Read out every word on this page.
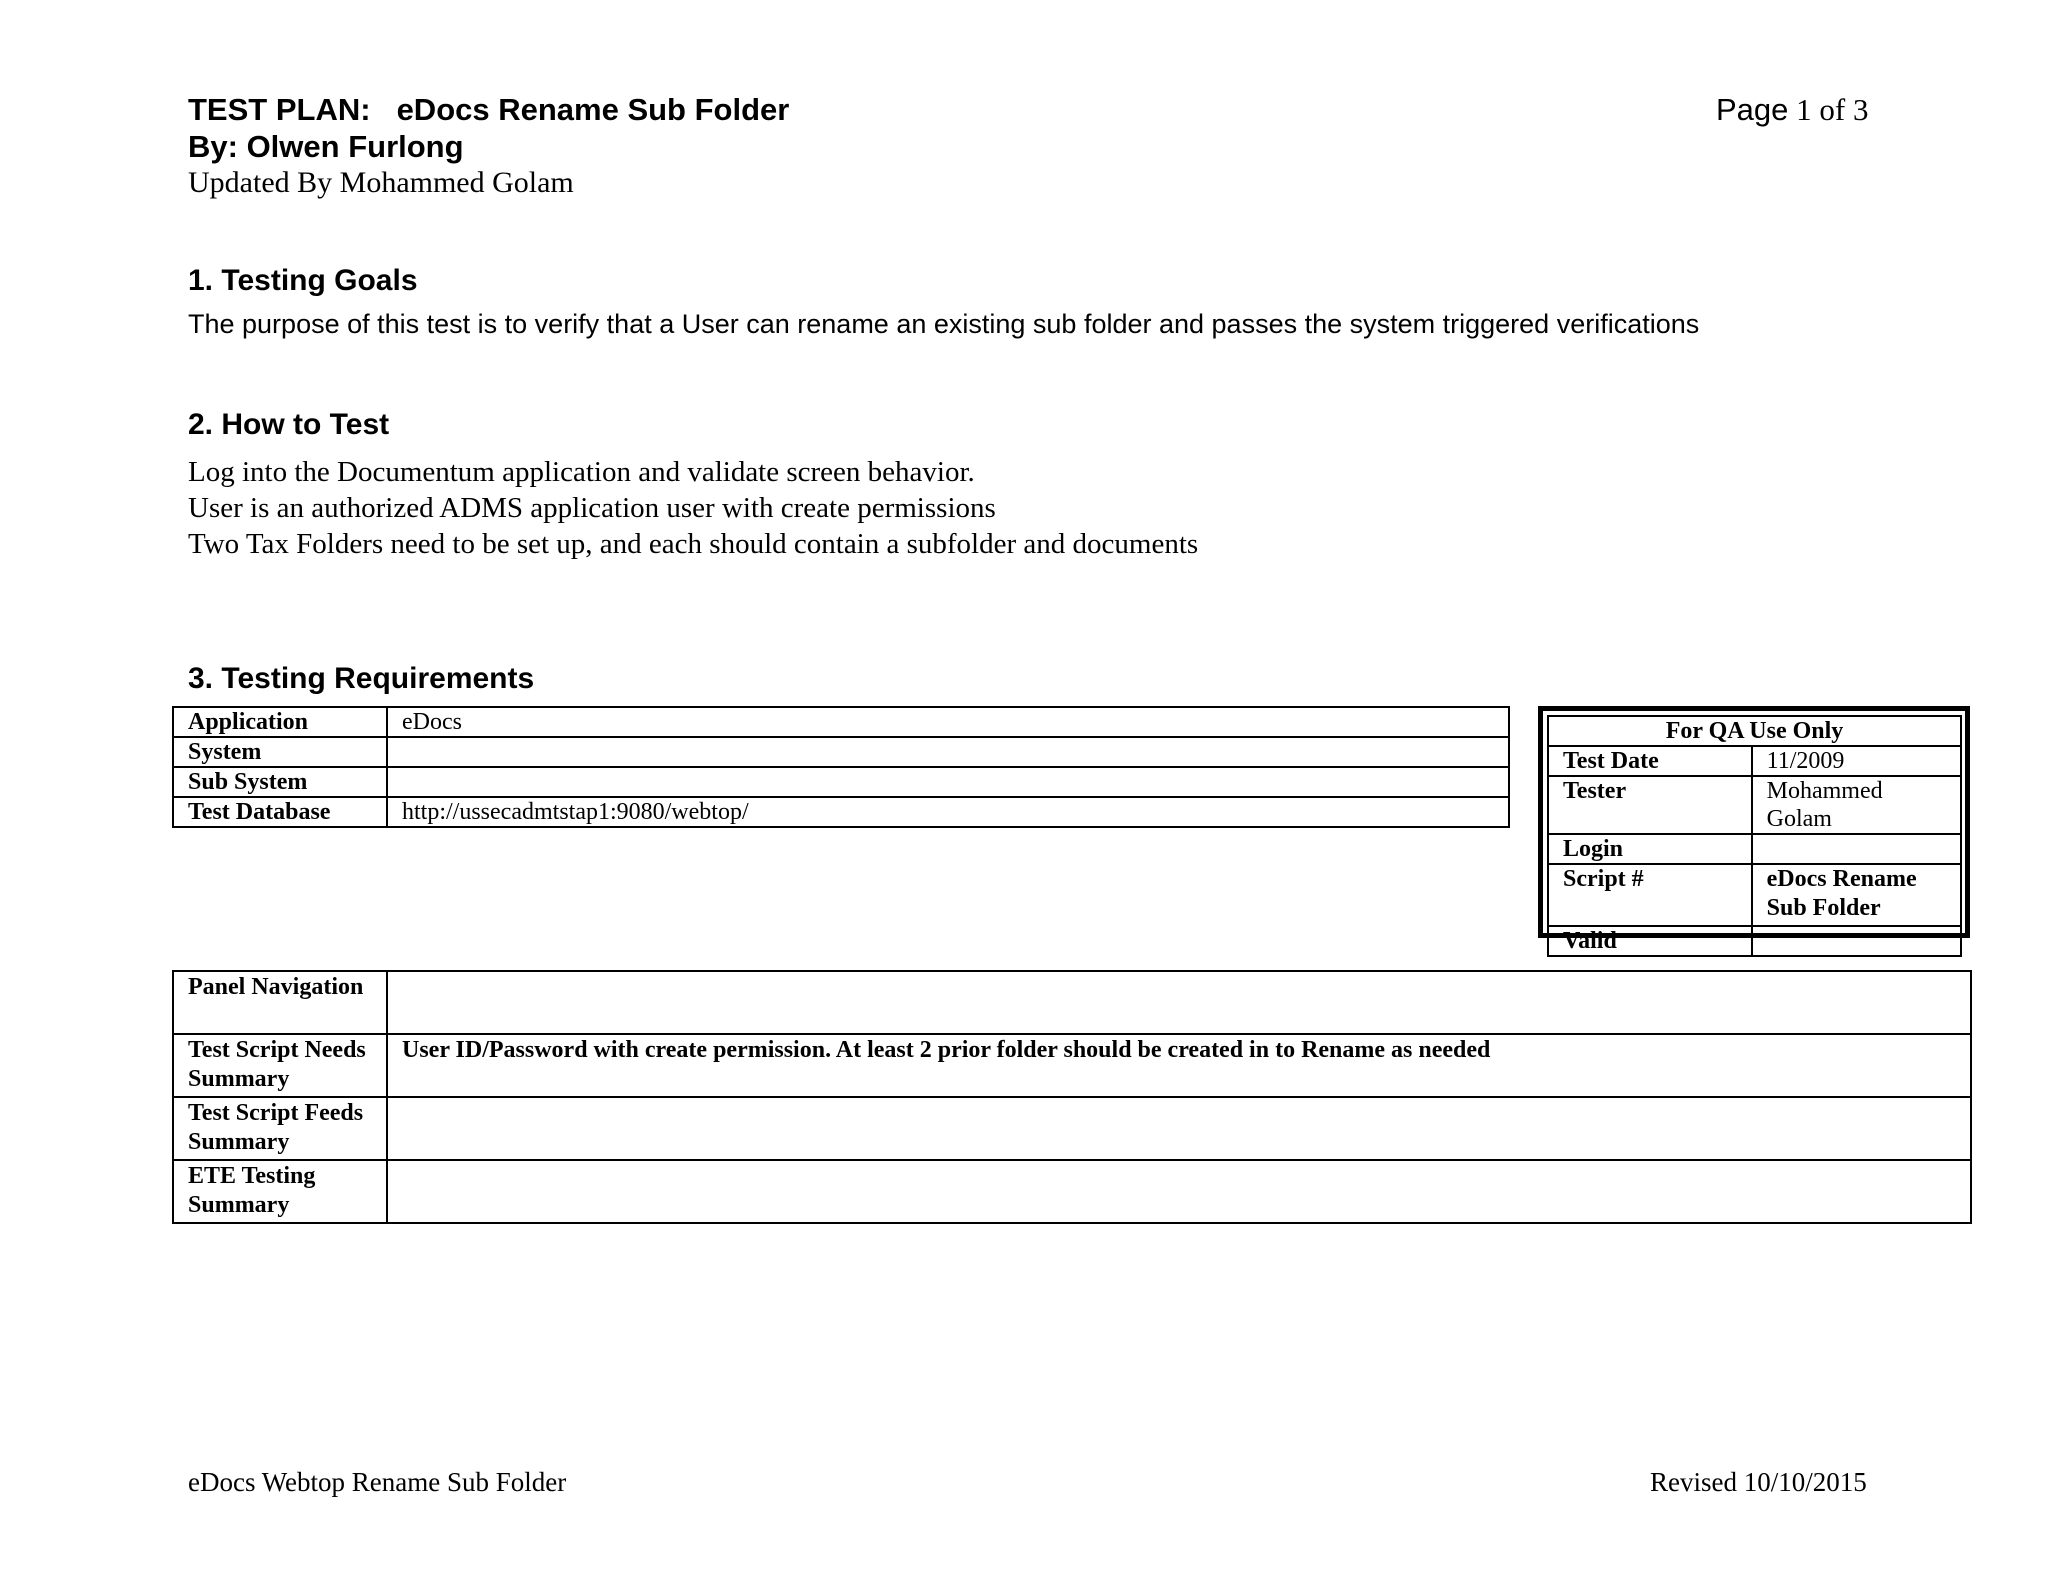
TEST PLAN: eDocs Rename Sub Folder	Page 1 of 3
By: Olwen Furlong
Updated By Mohammed Golam
1. Testing Goals
The purpose of this test is to verify that a User can rename an existing sub folder and passes the system triggered verifications
2. How to Test
Log into the Documentum application and validate screen behavior.
User is an authorized ADMS application user with create permissions
Two Tax Folders need to be set up, and each should contain a subfolder and documents
3. Testing Requirements
Application	eDocs
System	
Sub System	
Test Database	http://ussecadmtstap1:9080/webtop/
For QA Use Only	
Test Date	11/2009
Tester	Mohammed Golam
Login	
Script #	eDocs Rename Sub Folder
Valid	
Panel Navigation	
Test Script Needs Summary	User ID/Password with create permission. At least 2 prior folder should be created in to Rename as needed
Test Script Feeds Summary	
ETE Testing Summary	
eDocs Webtop Rename Sub Folder	Revised 10/10/2015
